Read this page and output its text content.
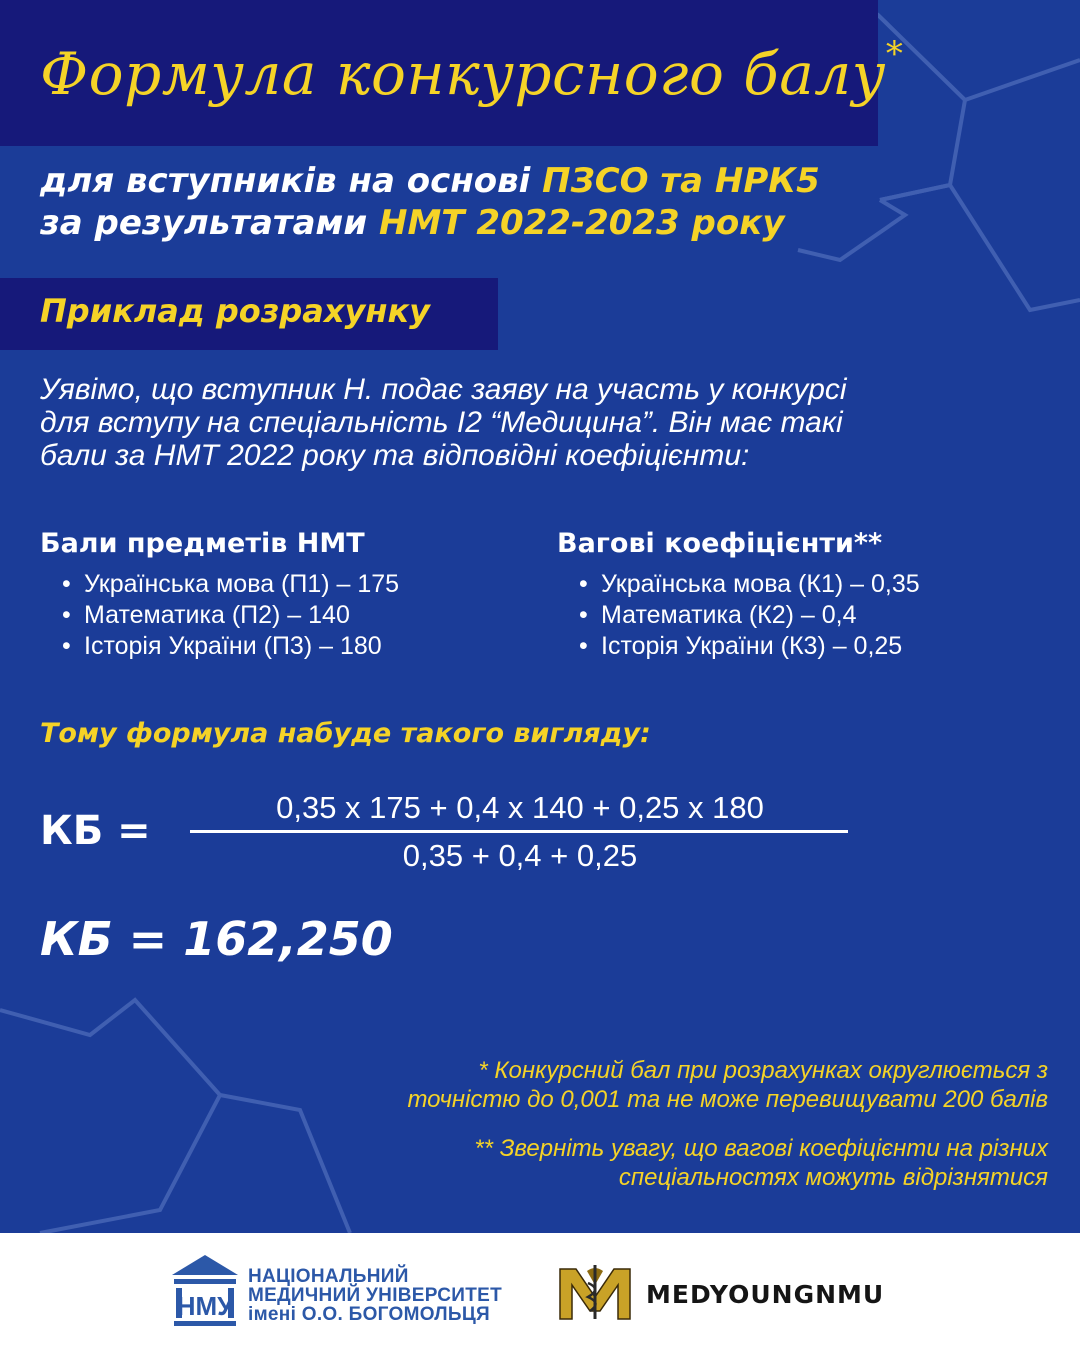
Формула конкурсного балу*
для вступників на основі ПЗСО та НРК5
за результатами НМТ 2022-2023 року
Приклад розрахунку
Уявімо, що вступник Н. подає заяву на участь у конкурсі
для вступу на спеціальність І2 “Медицина”. Він має такі
бали за НМТ 2022 року та відповідні коефіцієнти:
Бали предметів НМТ
• Українська мова (П1) – 175
• Математика (П2) – 140
• Історія України (П3) – 180
Вагові коефіцієнти**
• Українська мова (К1) – 0,35
• Математика (К2) – 0,4
• Історія України (К3) – 0,25
Тому формула набуде такого вигляду:
КБ =
0,35 x 175 + 0,4 x 140 + 0,25 x 180
0,35 + 0,4 + 0,25
КБ = 162,250

* Конкурсний бал при розрахунках округлюється з
точністю до 0,001 та не може перевищувати 200 балів

** Зверніть увагу, що вагові коефіцієнти на різних
спеціальностях можуть відрізнятися

НМУ
НАЦІОНАЛЬНИЙ
МЕДИЧНИЙ УНІВЕРСИТЕТ
імені О.О. БОГОМОЛЬЦЯ
MEDYOUNGNMU
